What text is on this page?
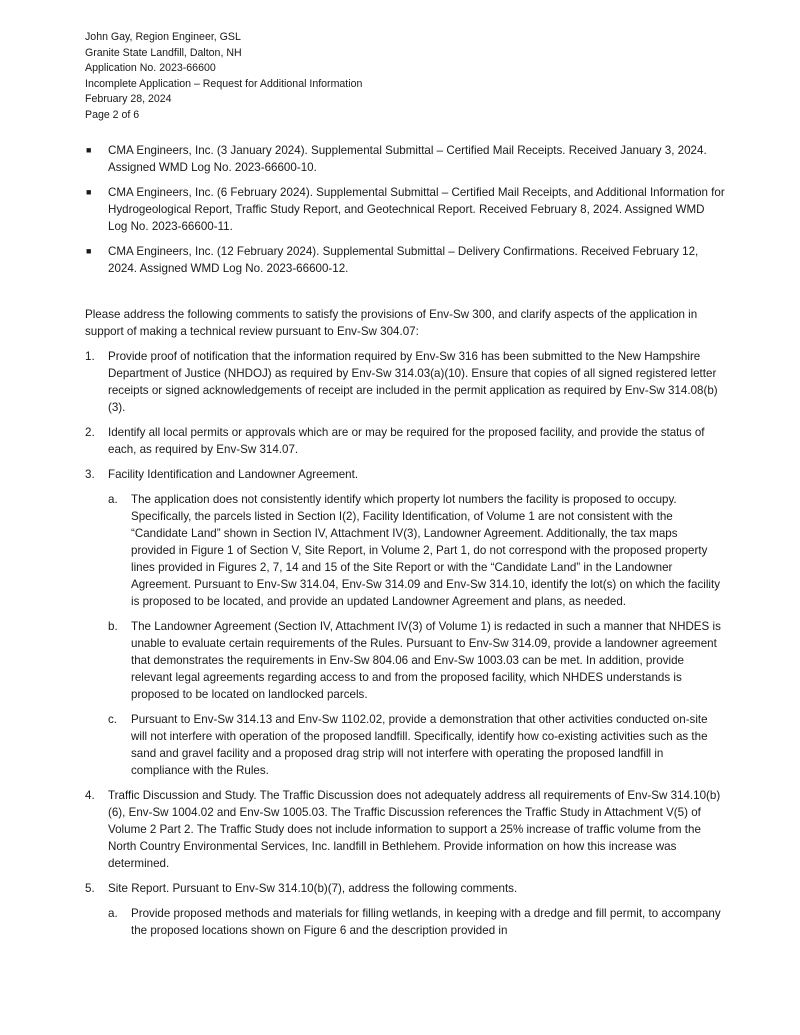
John Gay, Region Engineer, GSL
Granite State Landfill, Dalton, NH
Application No. 2023-66600
Incomplete Application – Request for Additional Information
February 28, 2024
Page 2 of 6
■ CMA Engineers, Inc. (3 January 2024). Supplemental Submittal – Certified Mail Receipts. Received January 3, 2024. Assigned WMD Log No. 2023-66600-10.
■ CMA Engineers, Inc. (6 February 2024). Supplemental Submittal – Certified Mail Receipts, and Additional Information for Hydrogeological Report, Traffic Study Report, and Geotechnical Report. Received February 8, 2024. Assigned WMD Log No. 2023-66600-11.
■ CMA Engineers, Inc. (12 February 2024). Supplemental Submittal – Delivery Confirmations. Received February 12, 2024. Assigned WMD Log No. 2023-66600-12.

Please address the following comments to satisfy the provisions of Env-Sw 300, and clarify aspects of the application in support of making a technical review pursuant to Env-Sw 304.07:

1. Provide proof of notification that the information required by Env-Sw 316 has been submitted to the New Hampshire Department of Justice (NHDOJ) as required by Env-Sw 314.03(a)(10). Ensure that copies of all signed registered letter receipts or signed acknowledgements of receipt are included in the permit application as required by Env-Sw 314.08(b)(3).

2. Identify all local permits or approvals which are or may be required for the proposed facility, and provide the status of each, as required by Env-Sw 314.07.

3. Facility Identification and Landowner Agreement.

a. The application does not consistently identify which property lot numbers the facility is proposed to occupy. Specifically, the parcels listed in Section I(2), Facility Identification, of Volume 1 are not consistent with the “Candidate Land” shown in Section IV, Attachment IV(3), Landowner Agreement. Additionally, the tax maps provided in Figure 1 of Section V, Site Report, in Volume 2, Part 1, do not correspond with the proposed property lines provided in Figures 2, 7, 14 and 15 of the Site Report or with the “Candidate Land” in the Landowner Agreement. Pursuant to Env-Sw 314.04, Env-Sw 314.09 and Env-Sw 314.10, identify the lot(s) on which the facility is proposed to be located, and provide an updated Landowner Agreement and plans, as needed.

b. The Landowner Agreement (Section IV, Attachment IV(3) of Volume 1) is redacted in such a manner that NHDES is unable to evaluate certain requirements of the Rules. Pursuant to Env-Sw 314.09, provide a landowner agreement that demonstrates the requirements in Env-Sw 804.06 and Env-Sw 1003.03 can be met. In addition, provide relevant legal agreements regarding access to and from the proposed facility, which NHDES understands is proposed to be located on landlocked parcels.

c. Pursuant to Env-Sw 314.13 and Env-Sw 1102.02, provide a demonstration that other activities conducted on-site will not interfere with operation of the proposed landfill. Specifically, identify how co-existing activities such as the sand and gravel facility and a proposed drag strip will not interfere with operating the proposed landfill in compliance with the Rules.

4. Traffic Discussion and Study. The Traffic Discussion does not adequately address all requirements of Env-Sw 314.10(b)(6), Env-Sw 1004.02 and Env-Sw 1005.03. The Traffic Discussion references the Traffic Study in Attachment V(5) of Volume 2 Part 2. The Traffic Study does not include information to support a 25% increase of traffic volume from the North Country Environmental Services, Inc. landfill in Bethlehem. Provide information on how this increase was determined.

5. Site Report. Pursuant to Env-Sw 314.10(b)(7), address the following comments.

a. Provide proposed methods and materials for filling wetlands, in keeping with a dredge and fill permit, to accompany the proposed locations shown on Figure 6 and the description provided in
